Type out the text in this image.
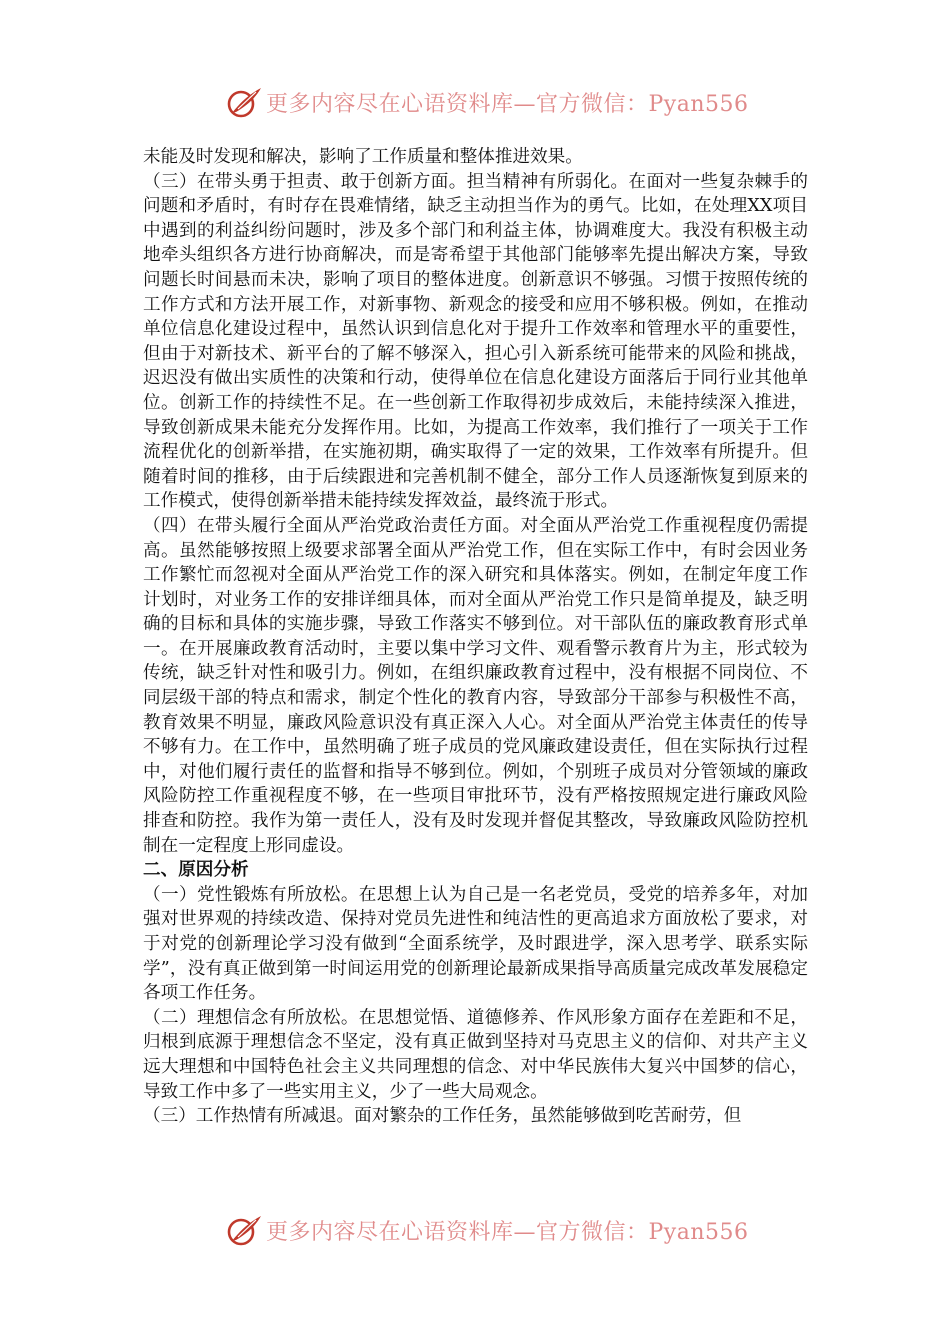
更多内容尽在心语资料库—官方微信：Pyan556

未能及时发现和解决，影响了工作质量和整体推进效果。

（三）在带头勇于担责、敢于创新方面。担当精神有所弱化。在面对一些复杂棘手的问题和矛盾时，有时存在畏难情绪，缺乏主动担当作为的勇气。比如，在处理XX项目中遇到的利益纠纷问题时，涉及多个部门和利益主体，协调难度大。我没有积极主动地牵头组织各方进行协商解决，而是寄希望于其他部门能够率先提出解决方案，导致问题长时间悬而未决，影响了项目的整体进度。创新意识不够强。习惯于按照传统的工作方式和方法开展工作，对新事物、新观念的接受和应用不够积极。例如，在推动单位信息化建设过程中，虽然认识到信息化对于提升工作效率和管理水平的重要性，但由于对新技术、新平台的了解不够深入，担心引入新系统可能带来的风险和挑战，迟迟没有做出实质性的决策和行动，使得单位在信息化建设方面落后于同行业其他单位。创新工作的持续性不足。在一些创新工作取得初步成效后，未能持续深入推进，导致创新成果未能充分发挥作用。比如，为提高工作效率，我们推行了一项关于工作流程优化的创新举措，在实施初期，确实取得了一定的效果，工作效率有所提升。但随着时间的推移，由于后续跟进和完善机制不健全，部分工作人员逐渐恢复到原来的工作模式，使得创新举措未能持续发挥效益，最终流于形式。

（四）在带头履行全面从严治党政治责任方面。对全面从严治党工作重视程度仍需提高。虽然能够按照上级要求部署全面从严治党工作，但在实际工作中，有时会因业务工作繁忙而忽视对全面从严治党工作的深入研究和具体落实。例如，在制定年度工作计划时，对业务工作的安排详细具体，而对全面从严治党工作只是简单提及，缺乏明确的目标和具体的实施步骤，导致工作落实不够到位。对干部队伍的廉政教育形式单一。在开展廉政教育活动时，主要以集中学习文件、观看警示教育片为主，形式较为传统，缺乏针对性和吸引力。例如，在组织廉政教育过程中，没有根据不同岗位、不同层级干部的特点和需求，制定个性化的教育内容，导致部分干部参与积极性不高，教育效果不明显，廉政风险意识没有真正深入人心。对全面从严治党主体责任的传导不够有力。在工作中，虽然明确了班子成员的党风廉政建设责任，但在实际执行过程中，对他们履行责任的监督和指导不够到位。例如，个别班子成员对分管领域的廉政风险防控工作重视程度不够，在一些项目审批环节，没有严格按照规定进行廉政风险排查和防控。我作为第一责任人，没有及时发现并督促其整改，导致廉政风险防控机制在一定程度上形同虚设。

二、原因分析

（一）党性锻炼有所放松。在思想上认为自己是一名老党员，受党的培养多年，对加强对世界观的持续改造、保持对党员先进性和纯洁性的更高追求方面放松了要求，对于对党的创新理论学习没有做到“全面系统学，及时跟进学，深入思考学、联系实际学”，没有真正做到第一时间运用党的创新理论最新成果指导高质量完成改革发展稳定各项工作任务。

（二）理想信念有所放松。在思想觉悟、道德修养、作风形象方面存在差距和不足，归根到底源于理想信念不坚定，没有真正做到坚持对马克思主义的信仰、对共产主义远大理想和中国特色社会主义共同理想的信念、对中华民族伟大复兴中国梦的信心，导致工作中多了一些实用主义，少了一些大局观念。

（三）工作热情有所减退。面对繁杂的工作任务，虽然能够做到吃苦耐劳，但

更多内容尽在心语资料库—官方微信：Pyan556
